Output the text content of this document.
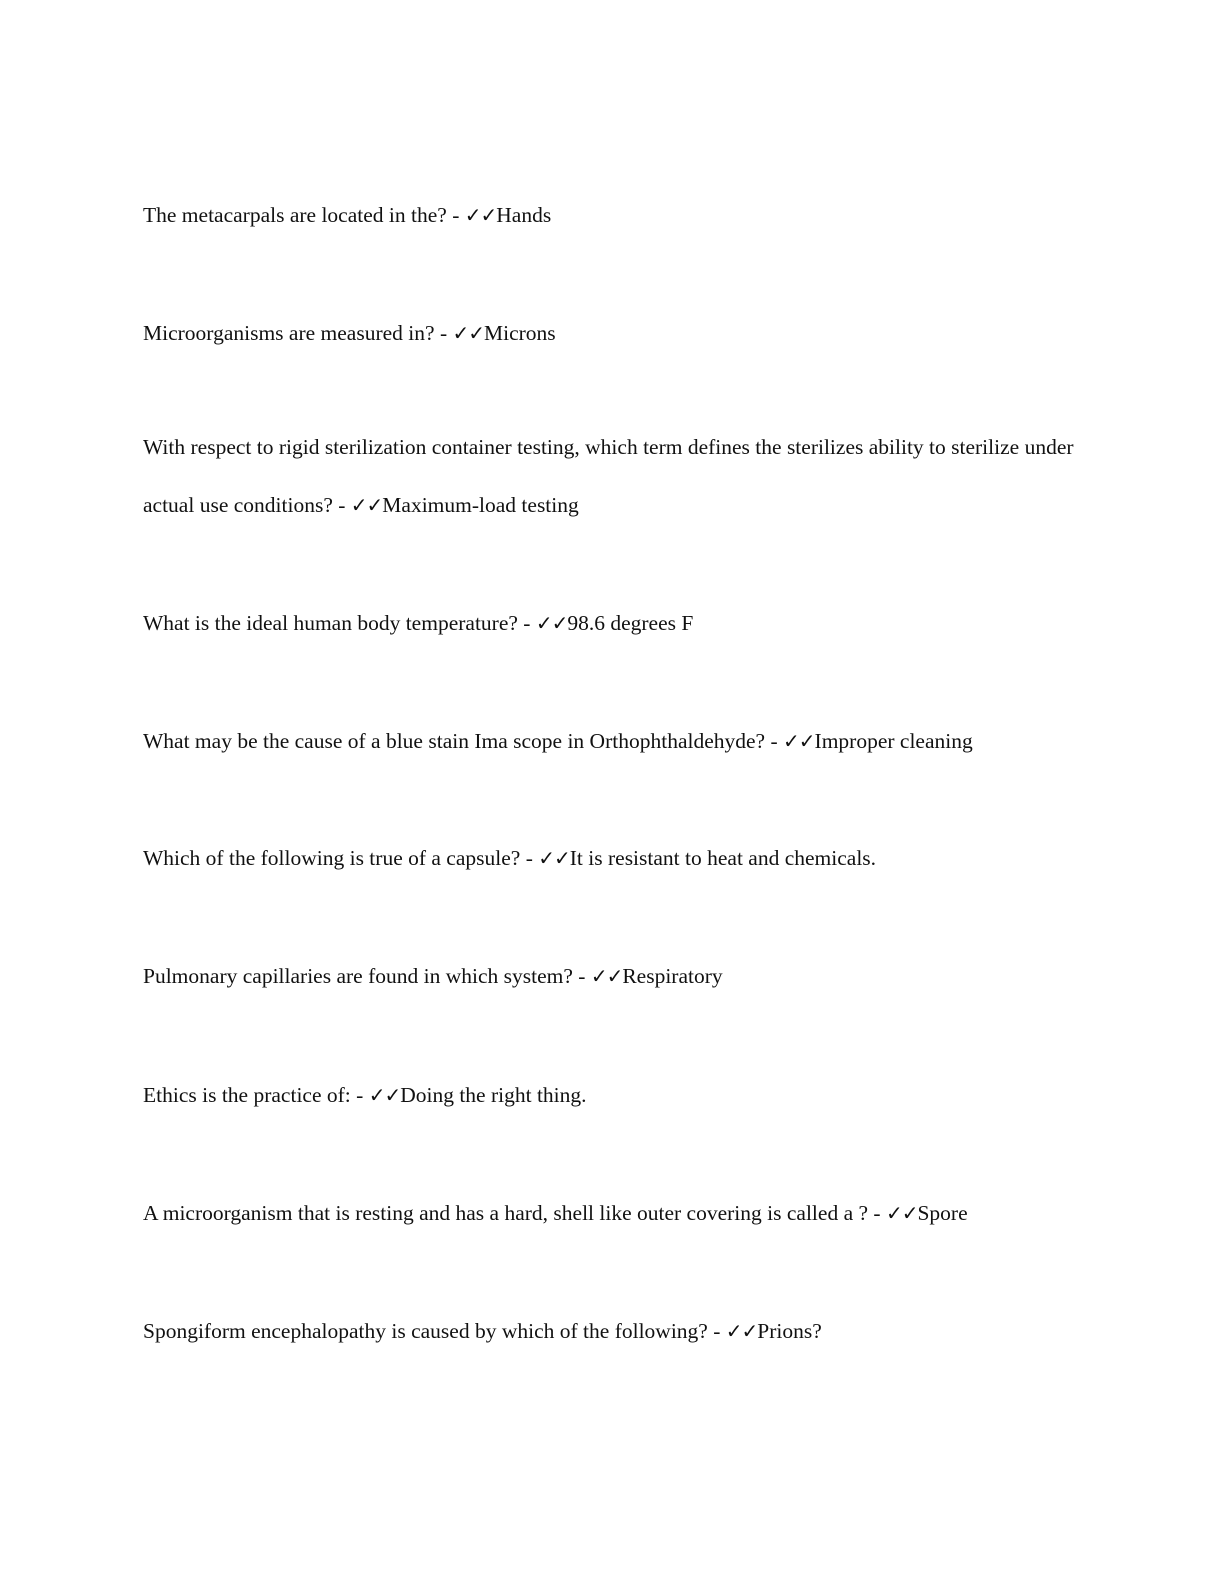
The metacarpals are located in the? - ✓✓Hands
Microorganisms are measured in? - ✓✓Microns
With respect to rigid sterilization container testing, which term defines the sterilizes ability to sterilize under actual use conditions? - ✓✓Maximum-load testing
What is the ideal human body temperature? - ✓✓98.6 degrees F
What may be the cause of a blue stain Ima scope in Orthophthaldehyde? - ✓✓Improper cleaning
Which of the following is true of a capsule? - ✓✓It is resistant to heat and chemicals.
Pulmonary capillaries are found in which system? - ✓✓Respiratory
Ethics is the practice of: - ✓✓Doing the right thing.
A microorganism that is resting and has a hard, shell like outer covering is called a ? - ✓✓Spore
Spongiform encephalopathy is caused by which of the following? - ✓✓Prions?
